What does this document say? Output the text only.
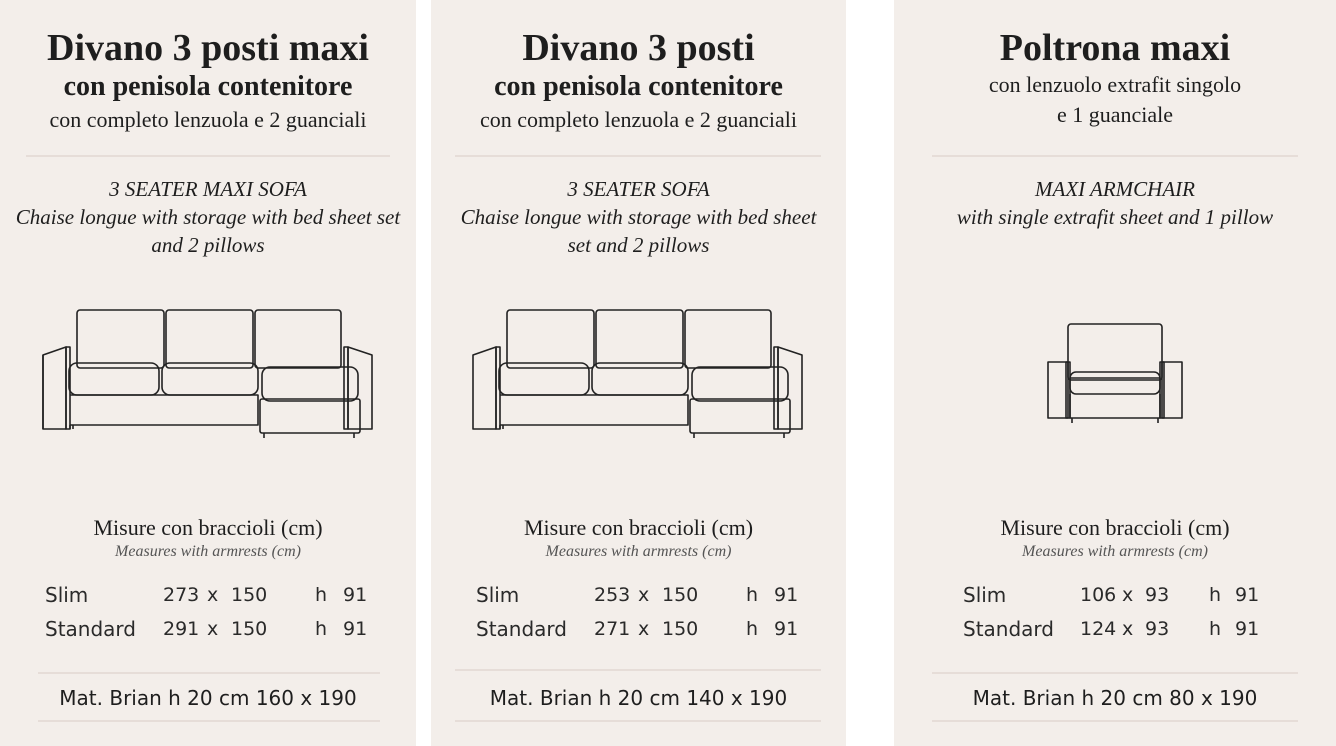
Divano 3 posti maxi
con penisola contenitore
con completo lenzuola e 2 guanciali
3 SEATER MAXI SOFA
Chaise longue with storage with bed sheet set
and 2 pillows
Misure con braccioli (cm)
Measures with armrests (cm)
Slim	273 x 150	h 91
Standard 291 x 150	h 91
Mat. Brian h 20 cm 160 x 190
Divano 3 posti
con penisola contenitore
con completo lenzuola e 2 guanciali
3 SEATER SOFA
Chaise longue with storage with bed sheet
set and 2 pillows
Misure con braccioli (cm)
Measures with armrests (cm)
Slim	253 x 150	h 91
Standard 271 x 150	h 91
Mat. Brian h 20 cm 140 x 190
Poltrona maxi
con lenzuolo extrafit singolo
e 1 guanciale
MAXI ARMCHAIR
with single extrafit sheet and 1 pillow
Misure con braccioli (cm)
Measures with armrests (cm)
Slim	106 x 93 h 91
Standard 124 x 93 h 91
Mat. Brian h 20 cm 80 x 190
